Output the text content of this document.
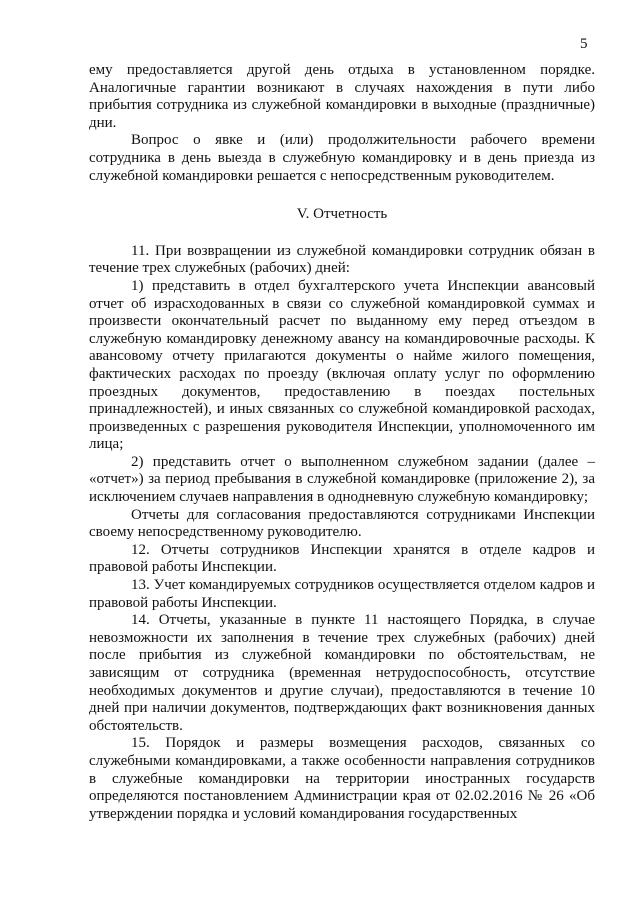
5

ему предоставляется другой день отдыха в установленном порядке. Аналогичные гарантии возникают в случаях нахождения в пути либо прибытия сотрудника из служебной командировки в выходные (праздничные) дни.

Вопрос о явке и (или) продолжительности рабочего времени сотрудника в день выезда в служебную командировку и в день приезда из служебной командировки решается с непосредственным руководителем.

V. Отчетность

11. При возвращении из служебной командировки сотрудник обязан в течение трех служебных (рабочих) дней:

1) представить в отдел бухгалтерского учета Инспекции авансовый отчет об израсходованных в связи со служебной командировкой суммах и произвести окончательный расчет по выданному ему перед отъездом в служебную командировку денежному авансу на командировочные расходы. К авансовому отчету прилагаются документы о найме жилого помещения, фактических расходах по проезду (включая оплату услуг по оформлению проездных документов, предоставлению в поездах постельных принадлежностей), и иных связанных со служебной командировкой расходах, произведенных с разрешения руководителя Инспекции, уполномоченного им лица;

2) представить отчет о выполненном служебном задании (далее – «отчет») за период пребывания в служебной командировке (приложение 2), за исключением случаев направления в однодневную служебную командировку;

Отчеты для согласования предоставляются сотрудниками Инспекции своему непосредственному руководителю.

12. Отчеты сотрудников Инспекции хранятся в отделе кадров и правовой работы Инспекции.

13. Учет командируемых сотрудников осуществляется отделом кадров и правовой работы Инспекции.

14. Отчеты, указанные в пункте 11 настоящего Порядка, в случае невозможности их заполнения в течение трех служебных (рабочих) дней после прибытия из служебной командировки по обстоятельствам, не зависящим от сотрудника (временная нетрудоспособность, отсутствие необходимых документов и другие случаи), предоставляются в течение 10 дней при наличии документов, подтверждающих факт возникновения данных обстоятельств.

15. Порядок и размеры возмещения расходов, связанных со служебными командировками, а также особенности направления сотрудников в служебные командировки на территории иностранных государств определяются постановлением Администрации края от 02.02.2016 № 26 «Об утверждении порядка и условий командирования государственных
